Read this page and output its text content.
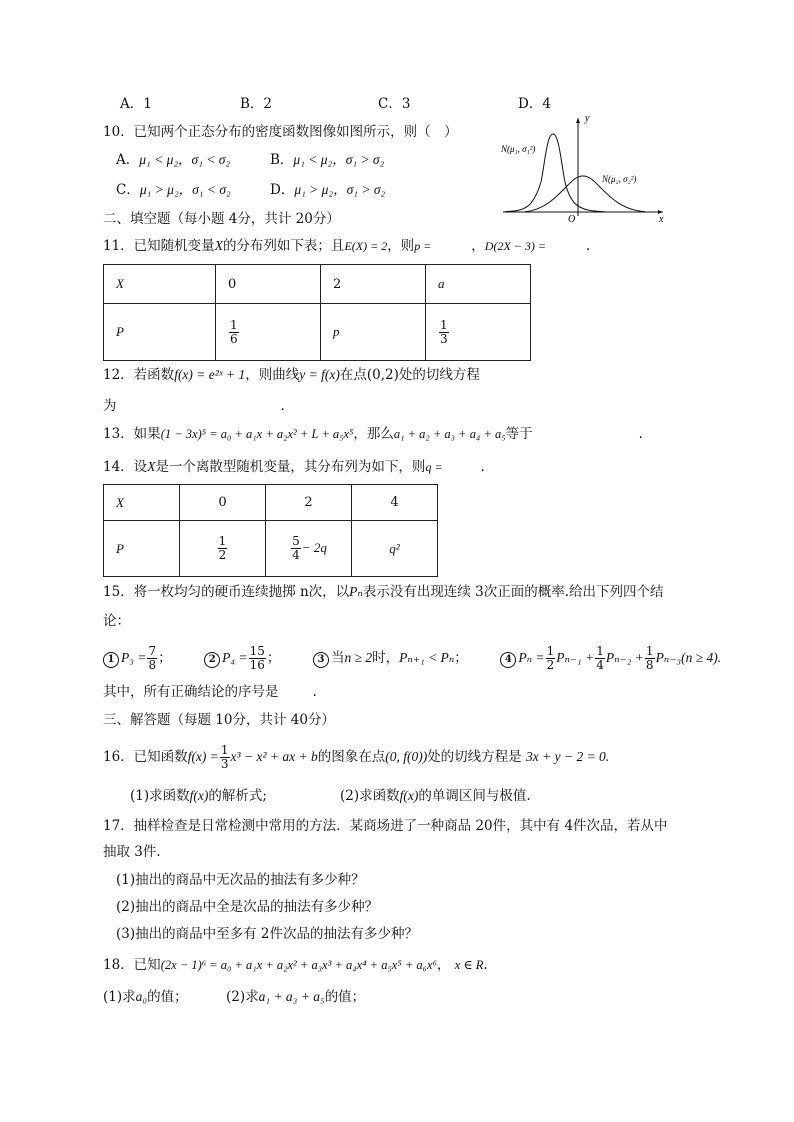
A．1	B．2	C．3	D．4
10．已知两个正态分布的密度函数图像如图所示，则（　）
A．μ₁ < μ₂，σ₁ < σ₂	B．μ₁ < μ₂，σ₁ > σ₂
C．μ₁ > μ₂，σ₁ < σ₂	D．μ₁ > μ₂，σ₁ > σ₂
y
x
O
N(μ₁, σ₁²)
N(μ₂, σ₂²)
二、填空题（每小题 4分，共计 20分）
11．已知随机变量X的分布列如下表；且E(X) = 2，则p =	，D(2X − 3) =	.
X	0	2	a
P	$\frac{1}{6}$	p	$\frac{1}{3}$
12．若函数f(x) = e²ˣ + 1，则曲线y = f(x)在点(0,2)处的切线方程
为	.
13．如果(1 − 3x)⁵ = a₀ + a₁x + a₂x² + L + a₅x⁵，那么a₁ + a₂ + a₃ + a₄ + a₅等于	.
14．设X是一个离散型随机变量，其分布列为如下，则q =	.
X	0	2	4
P	$\frac{1}{2}$	$\frac{5}{4} - 2q$	q²
15．将一枚均匀的硬币连续抛掷 n次，以Pₙ表示没有出现连续 3次正面的概率.给出下列四个结
论：
1 $P_3 = \frac{7}{8}$ ；	2 $P_4 = \frac{15}{16}$ ；	3 当n ≥ 2时，Pₙ₊₁ < Pₙ；	4 $P_n = \frac{1}{2} P_{n-1} + \frac{1}{4} P_{n-2} + \frac{1}{8} P_{n-3}(n \ge 4)$.
其中，所有正确结论的序号是	.
三、解答题（每题 10分，共计 40分）
16．已知函数$f(x) = \frac{1}{3} x^3 - x^2$ + ax + b的图象在点(0, f(0))处的切线方程是 3x + y − 2 = 0.
(1)求函数f(x)的解析式;	(2)求函数f(x)的单调区间与极值.
17．抽样检查是日常检测中常用的方法．某商场进了一种商品 20件，其中有 4件次品，若从中
抽取 3件．
(1)抽出的商品中无次品的抽法有多少种？
(2)抽出的商品中全是次品的抽法有多少种？
(3)抽出的商品中至多有 2件次品的抽法有多少种？
18．已知(2x − 1)⁶ = a₀ + a₁x + a₂x² + a₃x³ + a₄x⁴ + a₅x⁵ + a₆x⁶， x ∈ R.
(1)求a₀的值；	(2)求a₁ + a₃ + a₅的值；
